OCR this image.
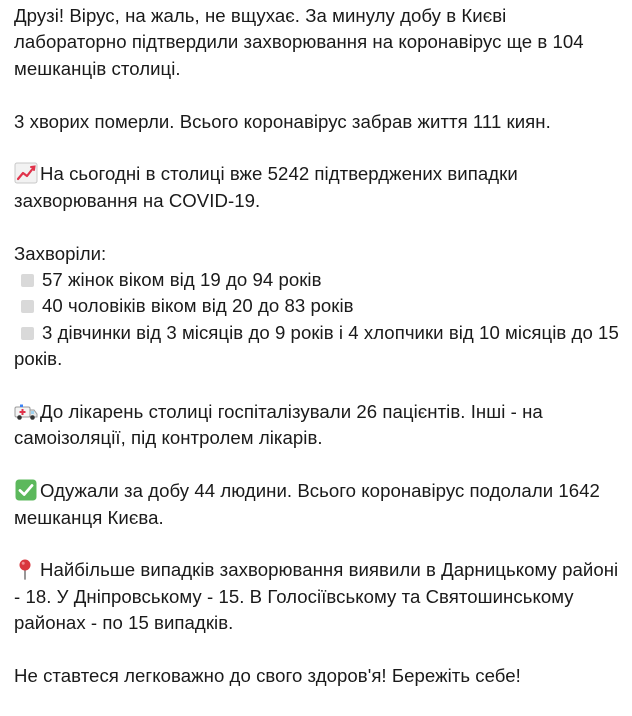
Друзі! Вірус, на жаль, не вщухає. За минулу добу в Києві лабораторно підтвердили захворювання на коронавірус ще в 104 мешканців столиці.

3 хворих померли. Всього коронавірус забрав життя 111 киян.

На сьогодні в столиці вже 5242 підтверджених випадки захворювання на COVID-19.

Захворіли:
57 жінок віком від 19 до 94 років
40 чоловіків віком від 20 до 83 років
3 дівчинки від 3 місяців до 9 років і 4 хлопчики від 10 місяців до 15 років.

До лікарень столиці госпіталізували 26 пацієнтів. Інші - на самоізоляції, під контролем лікарів.

Одужали за добу 44 людини. Всього коронавірус подолали 1642 мешканця Києва.

Найбільше випадків захворювання виявили в Дарницькому районі - 18. У Дніпровському - 15. В Голосіївському та Святошинському районах - по 15 випадків.

Не ставтеся легковажно до свого здоров'я! Бережіть себе!
